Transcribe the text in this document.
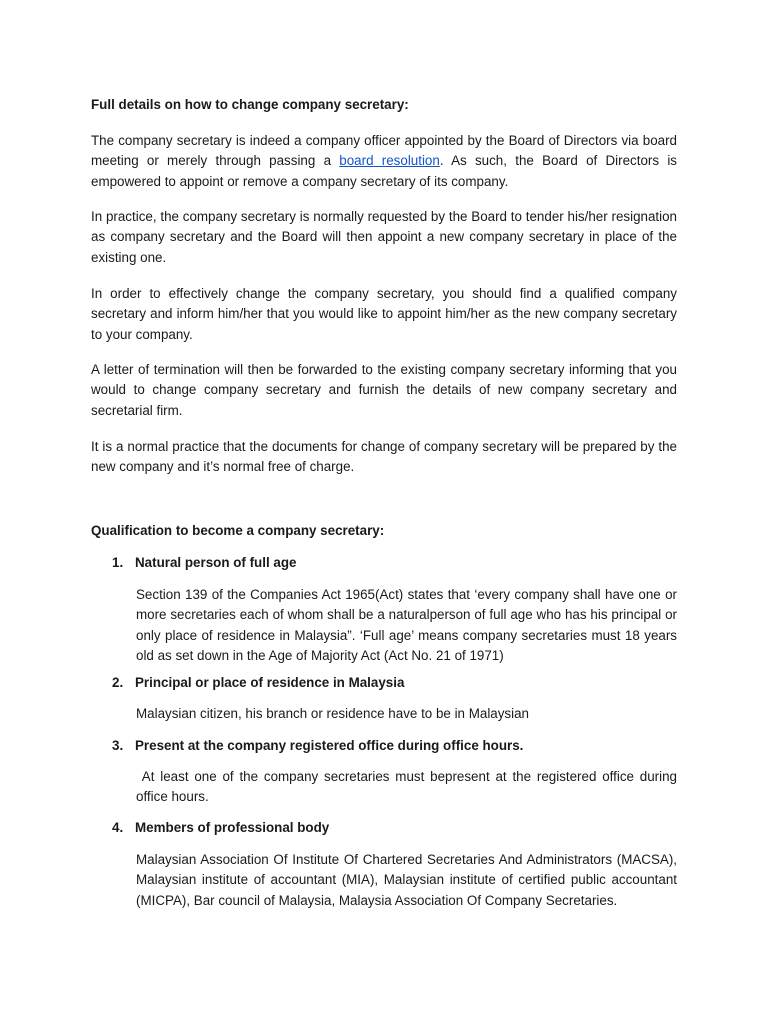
Full details on how to change company secretary:

The company secretary is indeed a company officer appointed by the Board of Directors via board meeting or merely through passing a board resolution. As such, the Board of Directors is empowered to appoint or remove a company secretary of its company.

In practice, the company secretary is normally requested by the Board to tender his/her resignation as company secretary and the Board will then appoint a new company secretary in place of the existing one.

In order to effectively change the company secretary, you should find a qualified company secretary and inform him/her that you would like to appoint him/her as the new company secretary to your company.

A letter of termination will then be forwarded to the existing company secretary informing that you would to change company secretary and furnish the details of new company secretary and secretarial firm.

It is a normal practice that the documents for change of company secretary will be prepared by the new company and it’s normal free of charge.

Qualification to become a company secretary:

1. Natural person of full age

Section 139 of the Companies Act 1965(Act) states that ‘every company shall have one or more secretaries each of whom shall be a naturalperson of full age who has his principal or only place of residence in Malaysia”. ‘Full age’ means company secretaries must 18 years old as set down in the Age of Majority Act (Act No. 21 of 1971)

2. Principal or place of residence in Malaysia

Malaysian citizen, his branch or residence have to be in Malaysian

3. Present at the company registered office during office hours.

At least one of the company secretaries must bepresent at the registered office during office hours.

4. Members of professional body

Malaysian Association Of Institute Of Chartered Secretaries And Administrators (MACSA), Malaysian institute of accountant (MIA), Malaysian institute of certified public accountant (MICPA), Bar council of Malaysia, Malaysia Association Of Company Secretaries.
